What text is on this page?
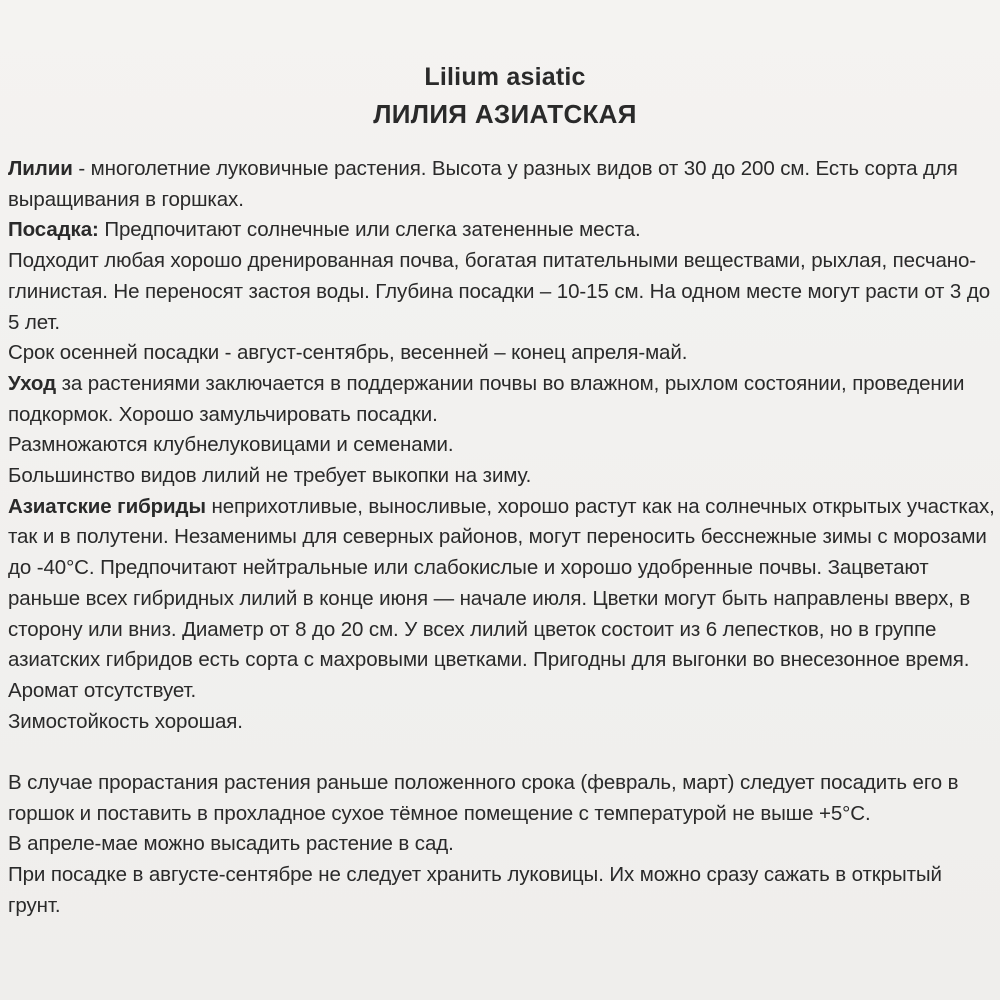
Lilium asiatic
ЛИЛИЯ АЗИАТСКАЯ

Лилии - многолетние луковичные растения. Высота у разных видов от 30 до 200 см. Есть сорта для выращивания в горшках.

Посадка: Предпочитают солнечные или слегка затененные места.

Подходит любая хорошо дренированная почва, богатая питательными веществами, рыхлая, песчано-глинистая. Не переносят застоя воды. Глубина посадки – 10-15 см. На одном месте могут расти от 3 до 5 лет.

Срок осенней посадки - август-сентябрь, весенней – конец апреля-май.

Уход за растениями заключается в поддержании почвы во влажном, рыхлом состоянии, проведении подкормок. Хорошо замульчировать посадки.

Размножаются клубнелуковицами и семенами.

Большинство видов лилий не требует выкопки на зиму.

Азиатские гибриды неприхотливые, выносливые, хорошо растут как на солнечных открытых участках, так и в полутени. Незаменимы для северных районов, могут переносить бесснежные зимы с морозами до -40°С. Предпочитают нейтральные или слабокислые и хорошо удобренные почвы. Зацветают раньше всех гибридных лилий в конце июня — начале июля. Цветки могут быть направлены вверх, в сторону или вниз. Диаметр от 8 до 20 см. У всех лилий цветок состоит из 6 лепестков, но в группе азиатских гибридов есть сорта с махровыми цветками. Пригодны для выгонки во внесезонное время. Аромат отсутствует.

Зимостойкость хорошая.

В случае прорастания растения раньше положенного срока (февраль, март) следует посадить его в горшок и поставить в прохладное сухое тёмное помещение с температурой не выше +5°С.

В апреле-мае можно высадить растение в сад.

При посадке в августе-сентябре не следует хранить луковицы. Их можно сразу сажать в открытый грунт.
